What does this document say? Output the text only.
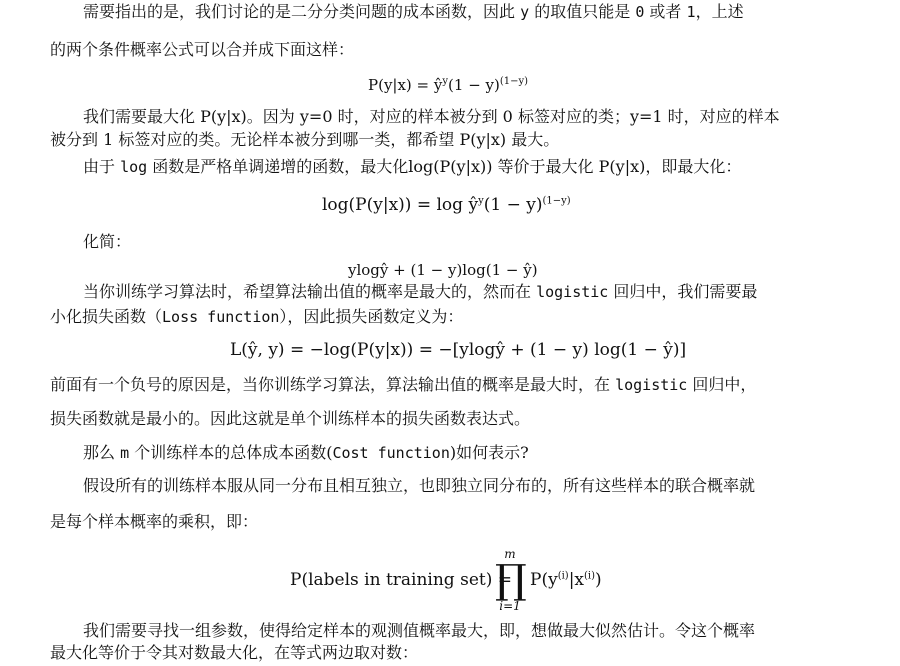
需要指出的是，我们讨论的是二分分类问题的成本函数，因此 y 的取值只能是 0 或者 1，上述
的两个条件概率公式可以合并成下面这样：
$P(y|x) = ŷ^y(1 - y)^{(1-y)}$
我们需要最大化 P(y|x)。因为 y=0 时，对应的样本被分到 0 标签对应的类；y=1 时，对应的样本
被分到 1 标签对应的类。无论样本被分到哪一类，都希望 P(y|x) 最大。
由于 log 函数是严格单调递增的函数，最大化log(P(y|x)) 等价于最大化 P(y|x)，即最大化：
$\log(P(y|x)) = \log ŷ^y(1 - y)^{(1-y)}$
化简：
ylogŷ + (1 − y)log(1 − ŷ)
当你训练学习算法时，希望算法输出值的概率是最大的，然而在 logistic 回归中，我们需要最
小化损失函数（Loss function），因此损失函数定义为：
L(ŷ, y) = −log(P(y|x)) = −[ylogŷ + (1 − y) log(1 − ŷ)]
前面有一个负号的原因是，当你训练学习算法，算法输出值的概率是最大时，在 logistic 回归中，
损失函数就是最小的。因此这就是单个训练样本的损失函数表达式。
那么 m 个训练样本的总体成本函数(Cost function)如何表示?
假设所有的训练样本服从同一分布且相互独立，也即独立同分布的，所有这些样本的联合概率就
是每个样本概率的乘积，即：
P(labels in training set) =
m
∏
i=1
$P(y^{(i)}|x^{(i)})$
我们需要寻找一组参数，使得给定样本的观测值概率最大，即，想做最大似然估计。令这个概率
最大化等价于令其对数最大化，在等式两边取对数：
